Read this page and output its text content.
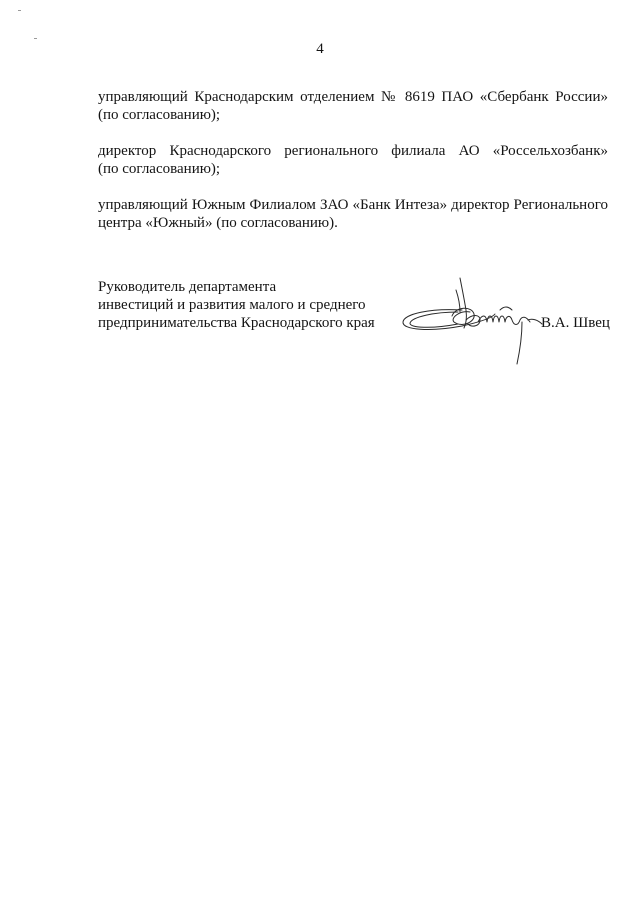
4

управляющий Краснодарским отделением № 8619 ПАО «Сбербанк России»
(по согласованию);

директор Краснодарского регионального филиала АО «Россельхозбанк»
(по согласованию);

управляющий Южным Филиалом ЗАО «Банк Интеза» директор Регионального
центра «Южный» (по согласованию).

Руководитель департамента
инвестиций и развития малого и среднего
предпринимательства Краснодарского края	В.А. Швец
